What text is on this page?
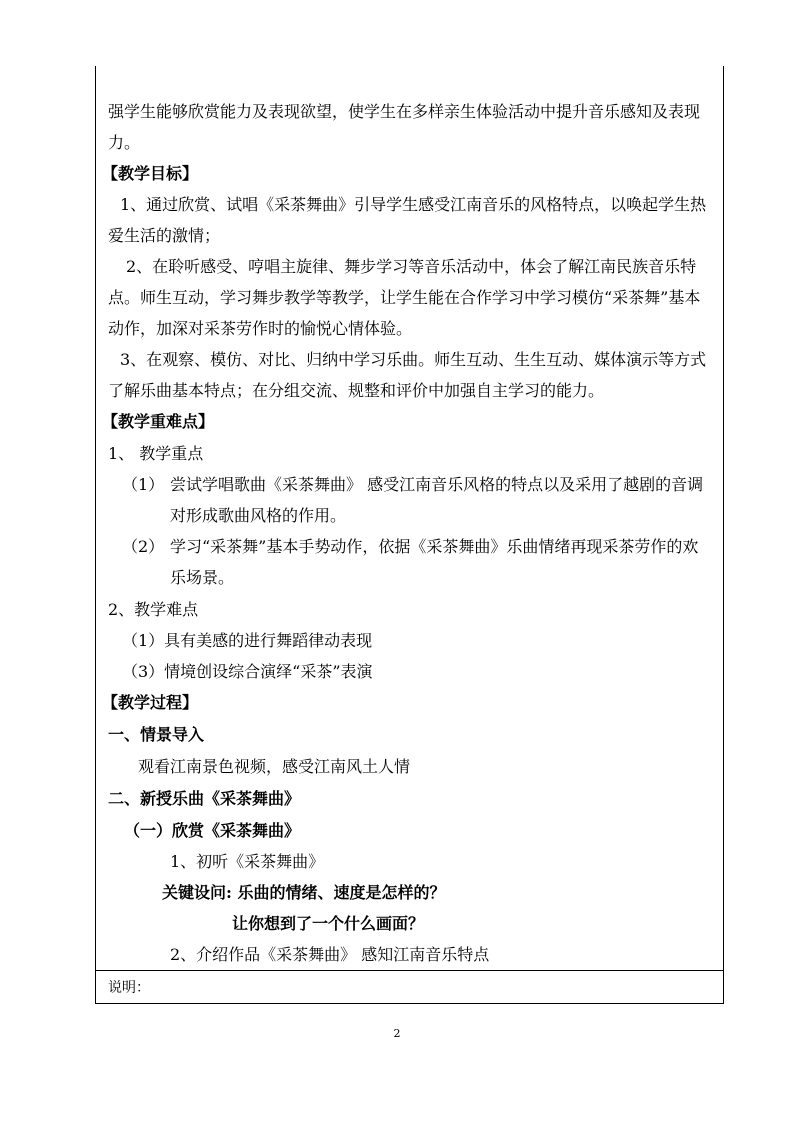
强学生能够欣赏能力及表现欲望，使学生在多样亲生体验活动中提升音乐感知及表现
力。
【教学目标】
1、通过欣赏、试唱《采茶舞曲》引导学生感受江南音乐的风格特点，以唤起学生热
爱生活的激情；
2、在聆听感受、哼唱主旋律、舞步学习等音乐活动中，体会了解江南民族音乐特
点。师生互动，学习舞步教学等教学，让学生能在合作学习中学习模仿“采茶舞”基本
动作，加深对采茶劳作时的愉悦心情体验。
3、在观察、模仿、对比、归纳中学习乐曲。师生互动、生生互动、媒体演示等方式
了解乐曲基本特点；在分组交流、规整和评价中加强自主学习的能力。
【教学重难点】
1、 教学重点
（1） 尝试学唱歌曲《采茶舞曲》 感受江南音乐风格的特点以及采用了越剧的音调
对形成歌曲风格的作用。
（2） 学习“采茶舞”基本手势动作，依据《采茶舞曲》乐曲情绪再现采茶劳作的欢
乐场景。
2、教学难点
（1）具有美感的进行舞蹈律动表现
（3）情境创设综合演绎“采茶”表演
【教学过程】
一、情景导入
观看江南景色视频，感受江南风土人情
二、新授乐曲《采茶舞曲》
（一）欣赏《采茶舞曲》
1、初听《采茶舞曲》
关键设问: 乐曲的情绪、速度是怎样的？
让你想到了一个什么画面？
2、介绍作品《采茶舞曲》 感知江南音乐特点
说明：
2
